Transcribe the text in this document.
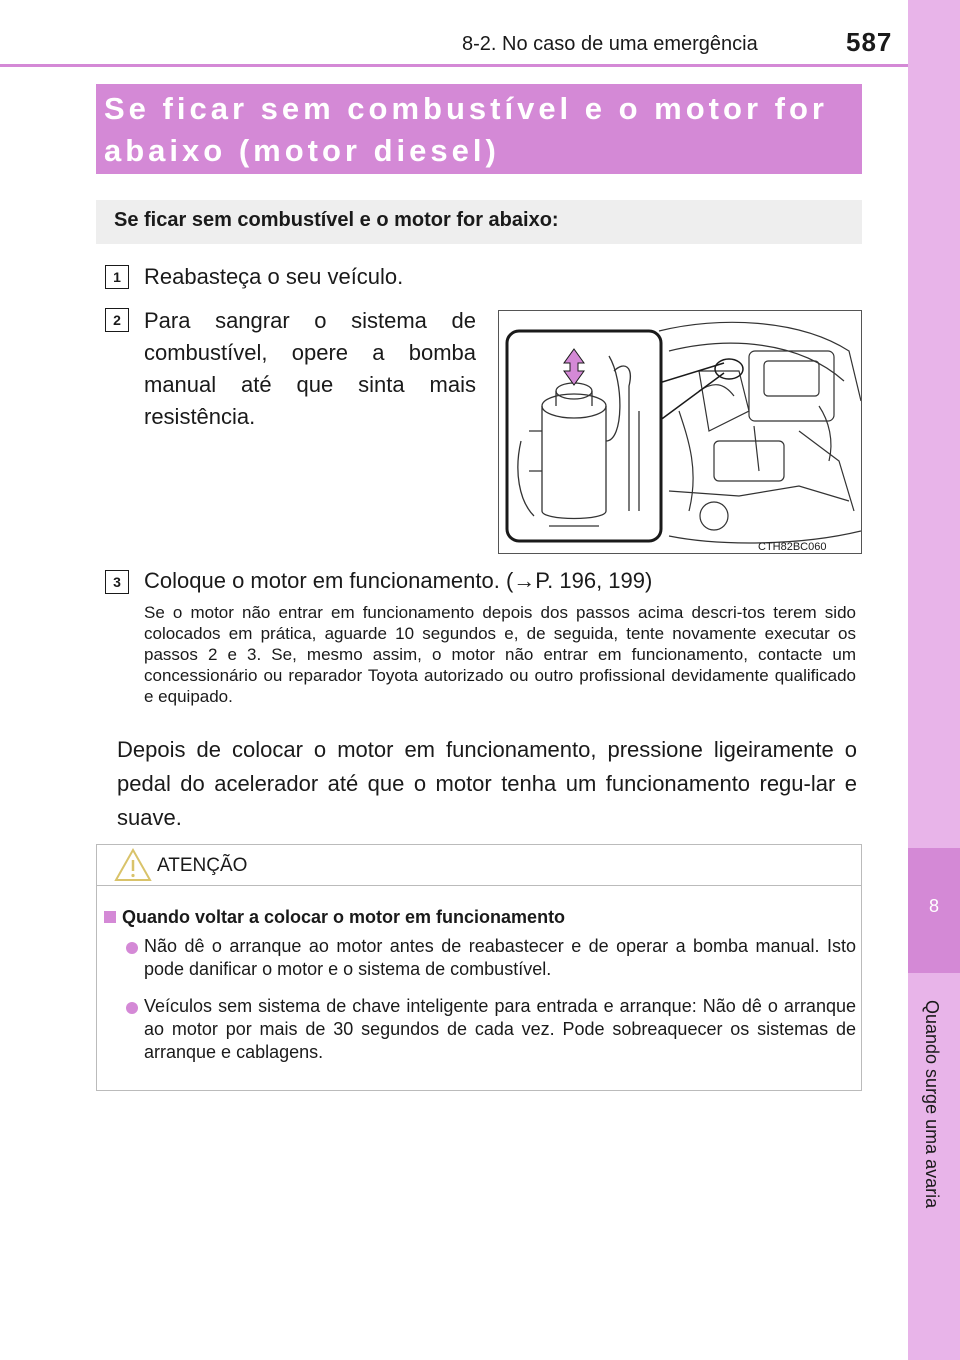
8-2. No caso de uma emergência	587
8
Quando surge uma avaria
Se ficar sem combustível e o motor for abaixo (motor diesel)
Se ficar sem combustível e o motor for abaixo:
1	Reabasteça o seu veículo.
2	Para sangrar o sistema de combustível, opere a bomba manual até que sinta mais resistência.
CTH82BC060
3	Coloque o motor em funcionamento. (→P. 196, 199)
Se o motor não entrar em funcionamento depois dos passos acima descri-tos terem sido colocados em prática, aguarde 10 segundos e, de seguida, tente novamente executar os passos 2 e 3. Se, mesmo assim, o motor não entrar em funcionamento, contacte um concessionário ou reparador Toyota autorizado ou outro profissional devidamente qualificado e equipado.
Depois de colocar o motor em funcionamento, pressione ligeiramente o pedal do acelerador até que o motor tenha um funcionamento regu-lar e suave.
ATENÇÃO
Quando voltar a colocar o motor em funcionamento
Não dê o arranque ao motor antes de reabastecer e de operar a bomba manual. Isto pode danificar o motor e o sistema de combustível.
Veículos sem sistema de chave inteligente para entrada e arranque: Não dê o arranque ao motor por mais de 30 segundos de cada vez. Pode sobreaquecer os sistemas de arranque e cablagens.
